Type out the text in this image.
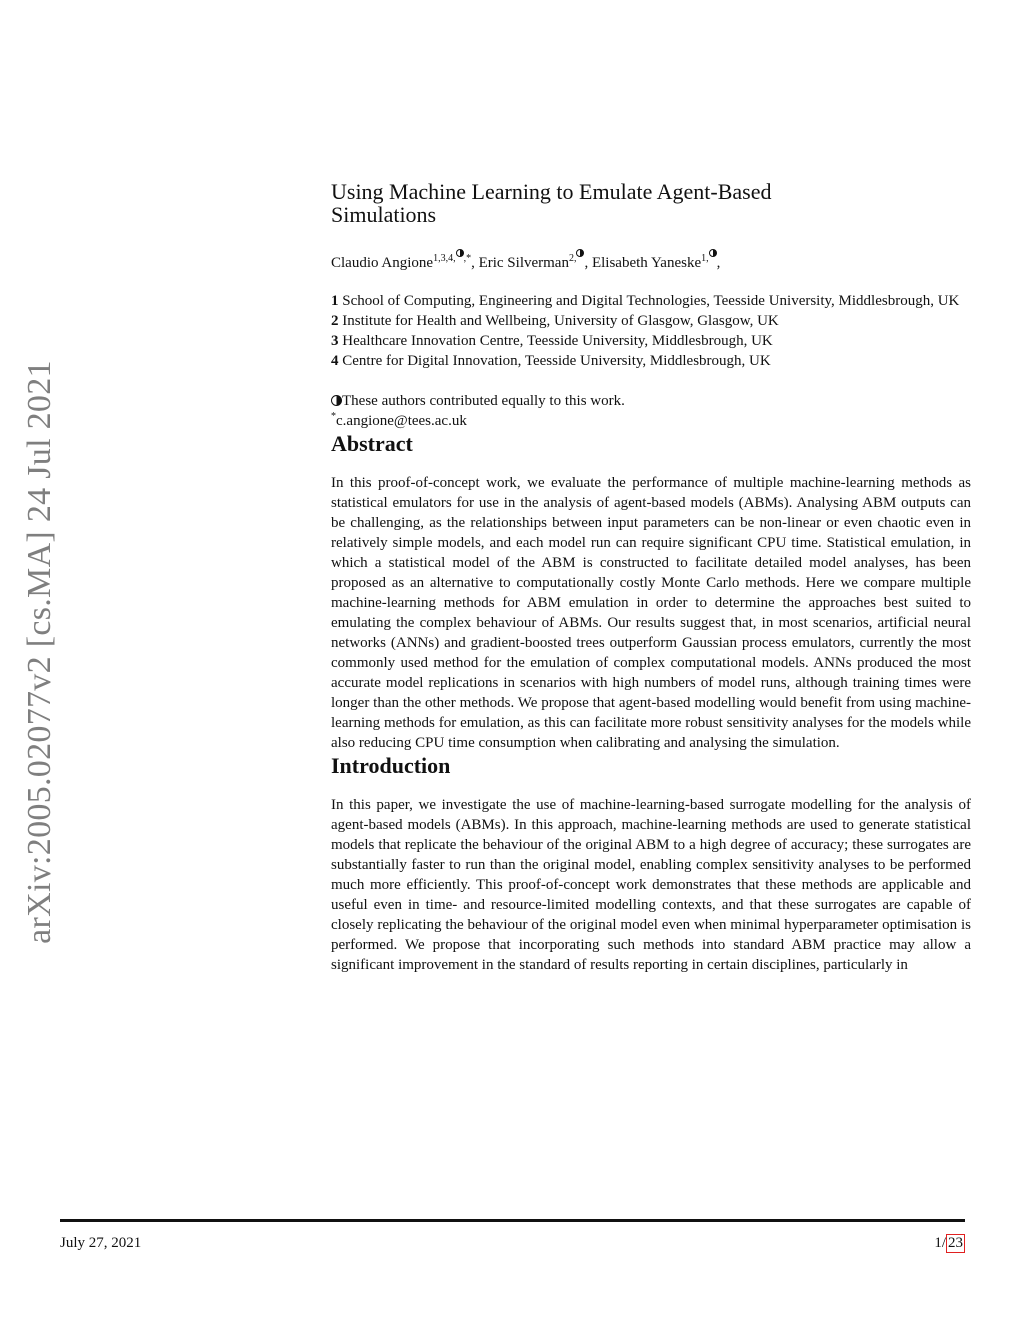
arXiv:2005.02077v2 [cs.MA] 24 Jul 2021
Using Machine Learning to Emulate Agent-Based Simulations
Claudio Angione$^{1,3,4, ,*}$, Eric Silverman$^{2,}$ , Elisabeth Yaneske$^{1,}$ ,
1 School of Computing, Engineering and Digital Technologies, Teesside University, Middlesbrough, UK
2 Institute for Health and Wellbeing, University of Glasgow, Glasgow, UK
3 Healthcare Innovation Centre, Teesside University, Middlesbrough, UK
4 Centre for Digital Innovation, Teesside University, Middlesbrough, UK
These authors contributed equally to this work.
*c.angione@tees.ac.uk
Abstract

In this proof-of-concept work, we evaluate the performance of multiple machine-learning methods as statistical emulators for use in the analysis of agent-based models (ABMs). Analysing ABM outputs can be challenging, as the relationships between input parameters can be non-linear or even chaotic even in relatively simple models, and each model run can require significant CPU time. Statistical emulation, in which a statistical model of the ABM is constructed to facilitate detailed model analyses, has been proposed as an alternative to computationally costly Monte Carlo methods. Here we compare multiple machine-learning methods for ABM emulation in order to determine the approaches best suited to emulating the complex behaviour of ABMs. Our results suggest that, in most scenarios, artificial neural networks (ANNs) and gradient-boosted trees outperform Gaussian process emulators, currently the most commonly used method for the emulation of complex computational models. ANNs produced the most accurate model replications in scenarios with high numbers of model runs, although training times were longer than the other methods. We propose that agent-based modelling would benefit from using machine-learning methods for emulation, as this can facilitate more robust sensitivity analyses for the models while also reducing CPU time consumption when calibrating and analysing the simulation.

Introduction

In this paper, we investigate the use of machine-learning-based surrogate modelling for the analysis of agent-based models (ABMs). In this approach, machine-learning methods are used to generate statistical models that replicate the behaviour of the original ABM to a high degree of accuracy; these surrogates are substantially faster to run than the original model, enabling complex sensitivity analyses to be performed much more efficiently. This proof-of-concept work demonstrates that these methods are applicable and useful even in time- and resource-limited modelling contexts, and that these surrogates are capable of closely replicating the behaviour of the original model even when minimal hyperparameter optimisation is performed. We propose that incorporating such methods into standard ABM practice may allow a significant improvement in the standard of results reporting in certain disciplines, particularly in

July 27, 2021	1/ 23
